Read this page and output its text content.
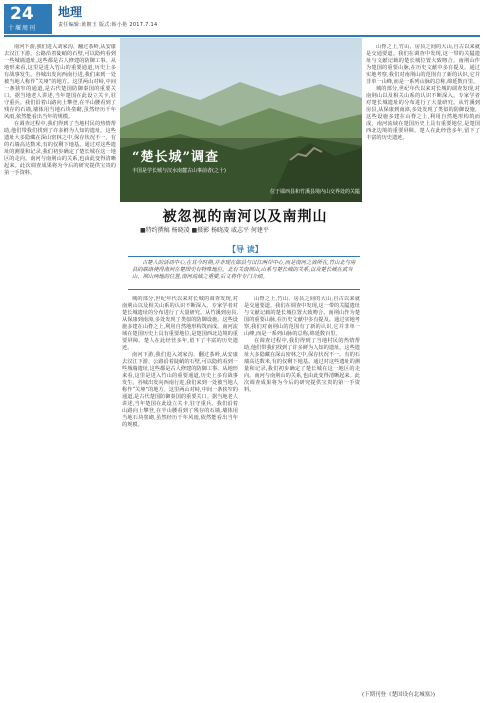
24
十堰周刊
地理
责任编辑:黄朝玉 版式:韩小艳 2017.7.14

南河下游,我们进入刘家沟、翻过茶岭,从安康去汉江下游。公路沿着陡峭的石壁,可以隐约看到一些城墙遗址,这些都是古人修建的防御工事。从地形来看,这里是进入竹山的重要通道,历史上多有战事发生。谷城出发向西南行进,我们来到一处被当地人称作“关垭”的地方。这里两山对峙,中间一条狭窄的通道,是古代楚国防御秦国的重要关口。据当地老人讲述,当年楚国在此设立关卡,驻守重兵。我们沿着山路向上攀登,在半山腰看到了残存的石墙,墙体用当地石块垒砌,虽然经历千年风雨,依然能看出当年的规模。

在调查过程中,我们得到了当地村民的热情帮助,他们带我们找到了许多鲜为人知的遗址。这些遗址大多隐藏在深山密林之中,保存状况不一。有的石墙高达数米,有的仅剩下地基。通过对这些遗址的测量和记录,我们初步确定了楚长城在这一地区的走向。南河与南荆山的关系,也由此变得清晰起来。此次调查成果将为今后的研究提供宝贵的第一手资料。

“楚长城”调查
丰国是学长城与汉水南麓古山事前者(之十)
位于郧西县和竹溪县境内山交界处的关隘

山脊之上,竹山、房县之间的大山,自古以来就是交通要道。我们在调查中发现,这一带的关隘遗址与文献记载的楚长城位置大致吻合。南荆山作为楚国的重要山脉,在历史文献中多有提及。通过实地考察,我们对南荆山的范围有了新的认识,它并非单一山峰,而是一系列山脉的总称,绵延数百里。

城的部分,世纪年代以来对长城的调查发现,对南荆山以及相关山系的认识不断深入。专家学者对楚长城遗址的分布进行了大量研究。从竹溪到房县,从保康到南漳,多处发现了类似的防御设施。这些设施多建在山脊之上,利用自然地形构筑而成。南河流域在楚国历史上具有重要地位,是楚国西北边境的重要屏障。楚人在此经营多年,留下了丰富的历史遗迹。

被忽视的南河以及南荆山
■特约撰稿 杨晓凌 ■摄影 杨晓凌 戚志平 何建平
【导 读】
古楚人的活动中心,在其今时期,并非现在郧县与汉江两岸中心,而是南河之滨所在,竹山北与房县的联络使得南河在楚国史有特殊地位。北有关南荆山,山系与楚长城的关系,以及楚长城在武当山、荆山两地的位置,南河流域之重要,后文将作专门介绍。

城的部分,世纪年代以来对长城的调查发现,对南荆山以及相关山系的认识不断深入。专家学者对楚长城遗址的分布进行了大量研究。从竹溪到房县,从保康到南漳,多处发现了类似的防御设施。这些设施多建在山脊之上,利用自然地形构筑而成。南河流域在楚国历史上具有重要地位,是楚国西北边境的重要屏障。楚人在此经营多年,留下了丰富的历史遗迹。

南河下游,我们进入刘家沟、翻过茶岭,从安康去汉江下游。公路沿着陡峭的石壁,可以隐约看到一些城墙遗址,这些都是古人修建的防御工事。从地形来看,这里是进入竹山的重要通道,历史上多有战事发生。谷城出发向西南行进,我们来到一处被当地人称作“关垭”的地方。这里两山对峙,中间一条狭窄的通道,是古代楚国防御秦国的重要关口。据当地老人讲述,当年楚国在此设立关卡,驻守重兵。我们沿着山路向上攀登,在半山腰看到了残存的石墙,墙体用当地石块垒砌,虽然经历千年风雨,依然能看出当年的规模。

山脊之上,竹山、房县之间的大山,自古以来就是交通要道。我们在调查中发现,这一带的关隘遗址与文献记载的楚长城位置大致吻合。南荆山作为楚国的重要山脉,在历史文献中多有提及。通过实地考察,我们对南荆山的范围有了新的认识,它并非单一山峰,而是一系列山脉的总称,绵延数百里。

在调查过程中,我们得到了当地村民的热情帮助,他们带我们找到了许多鲜为人知的遗址。这些遗址大多隐藏在深山密林之中,保存状况不一。有的石墙高达数米,有的仅剩下地基。通过对这些遗址的测量和记录,我们初步确定了楚长城在这一地区的走向。南河与南荆山的关系,也由此变得清晰起来。此次调查成果将为今后的研究提供宝贵的第一手资料。

(下期刊登《楚国设有北城塞》)
